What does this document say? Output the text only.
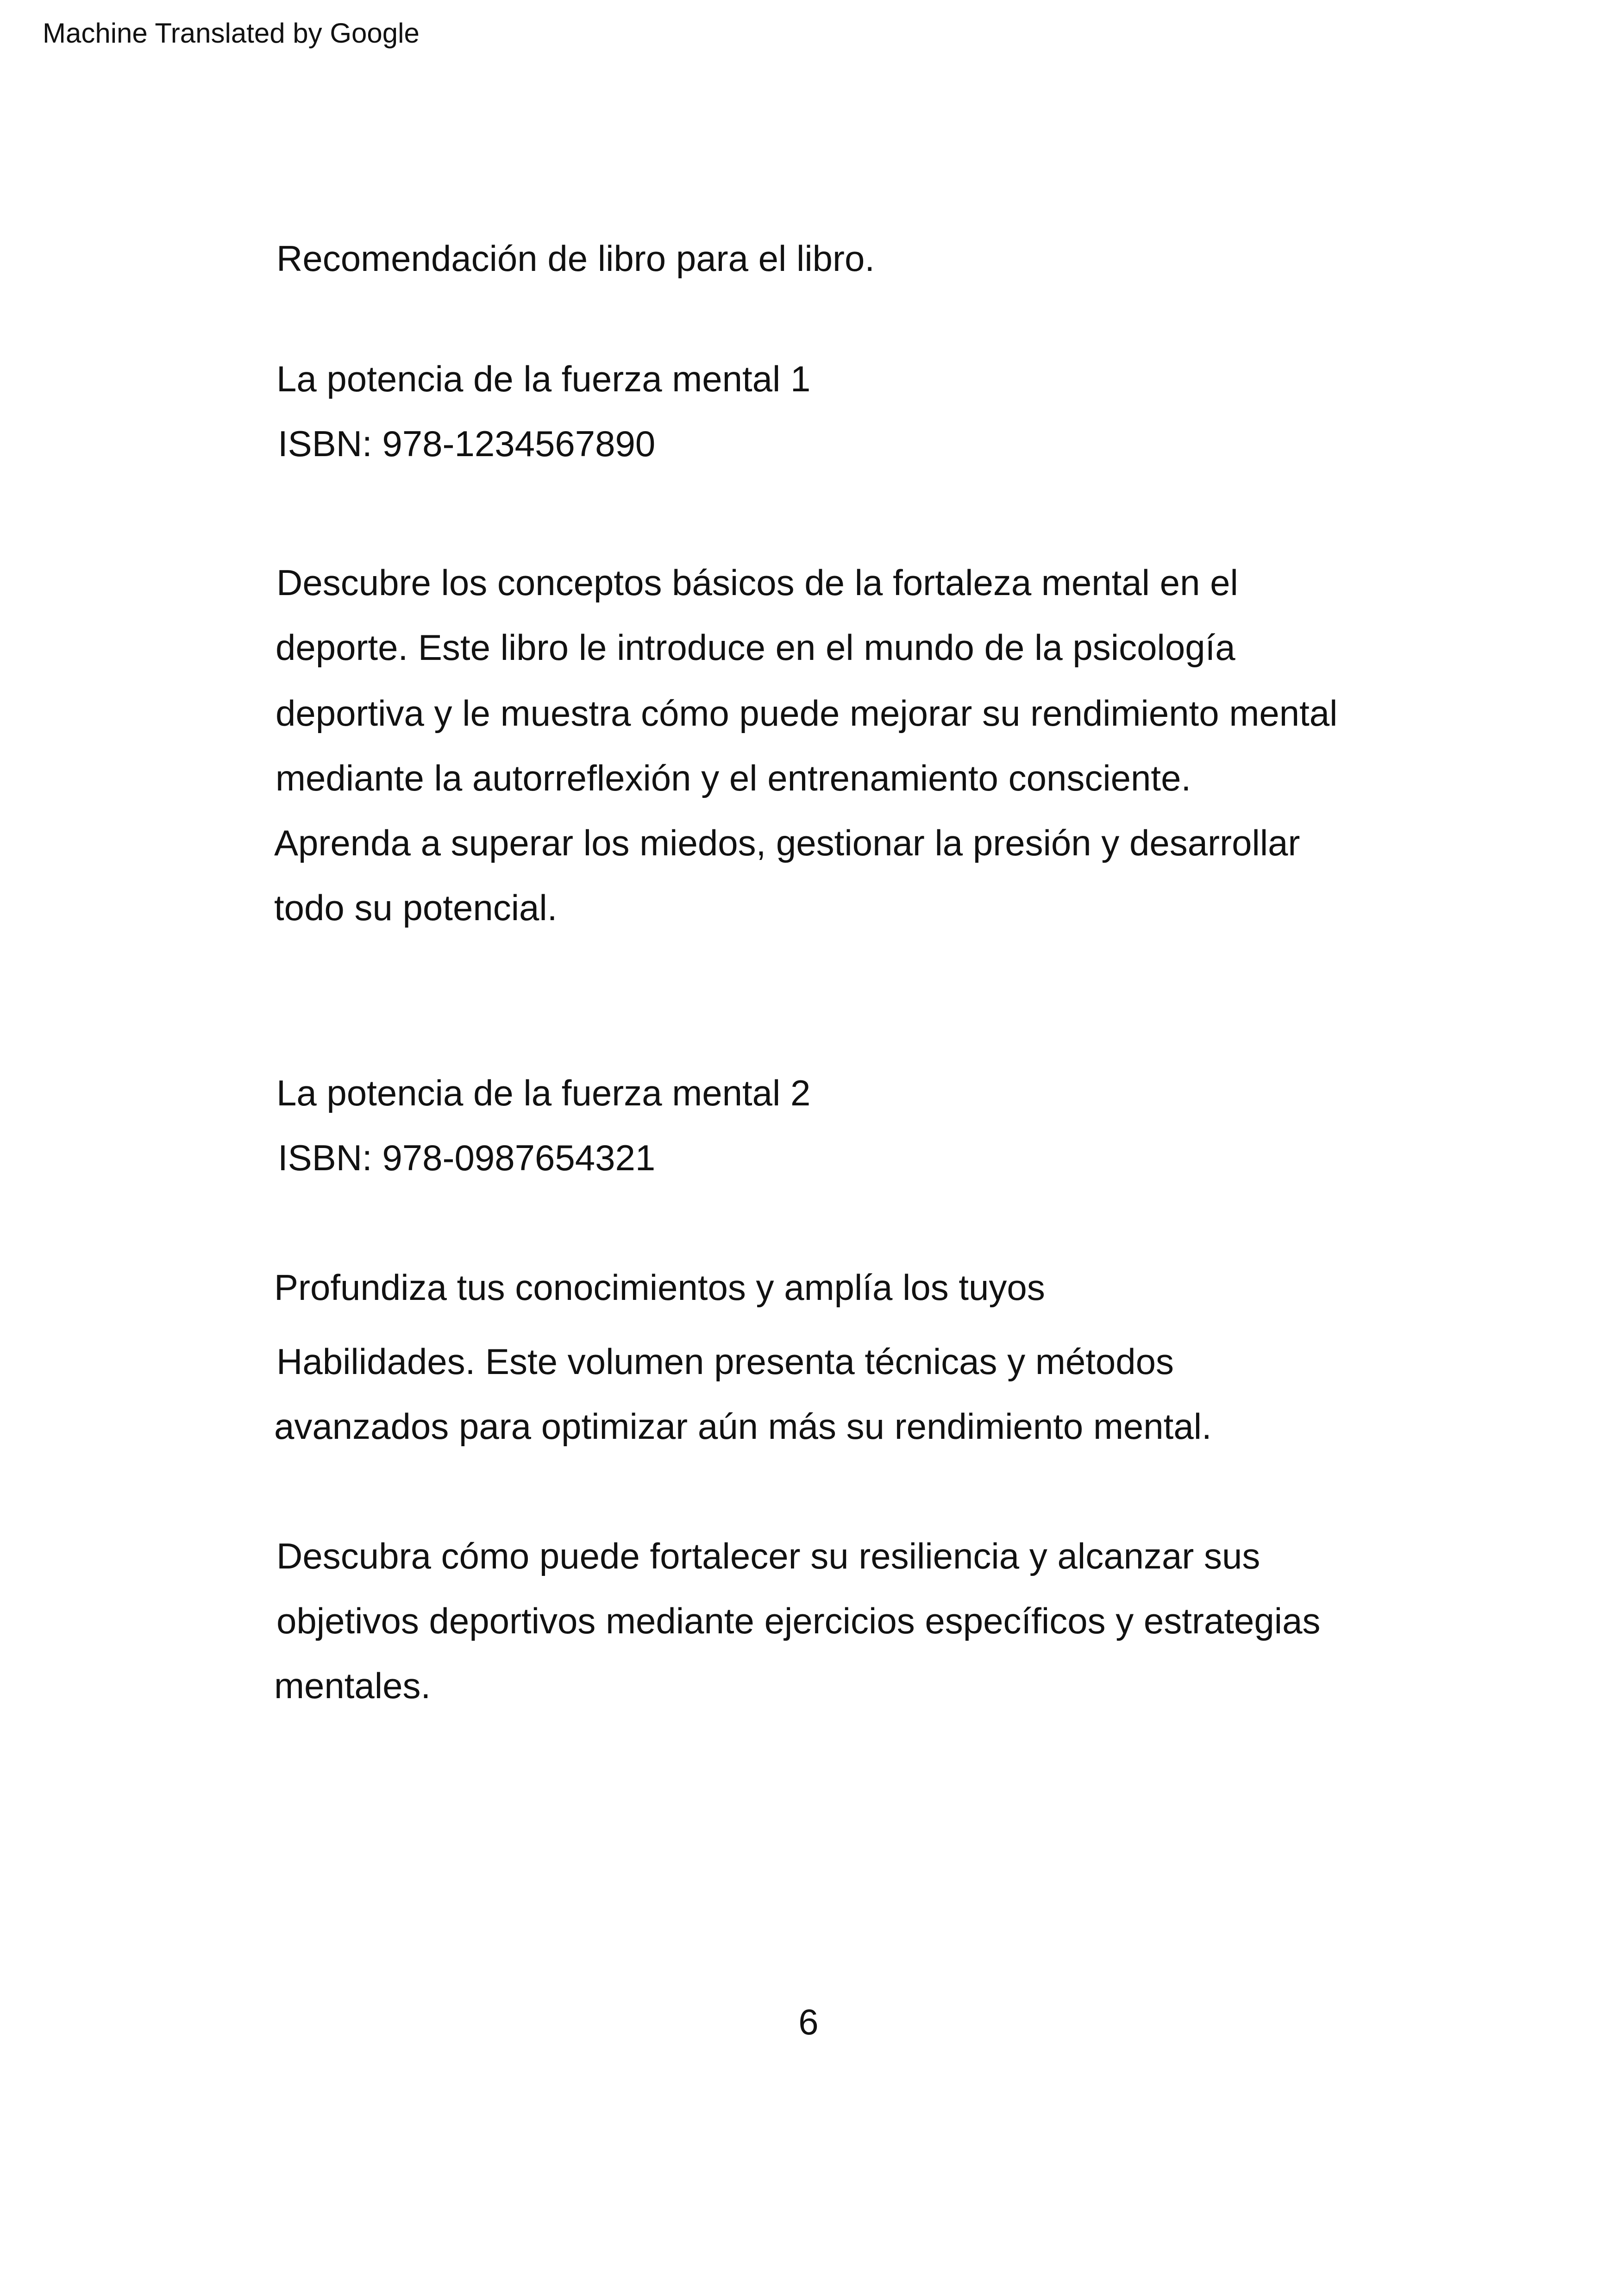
Machine Translated by Google
Recomendación de libro para el libro.
La potencia de la fuerza mental 1
ISBN: 978-1234567890
Descubre los conceptos básicos de la fortaleza mental en el
deporte. Este libro le introduce en el mundo de la psicología
deportiva y le muestra cómo puede mejorar su rendimiento mental
mediante la autorreflexión y el entrenamiento consciente.
Aprenda a superar los miedos, gestionar la presión y desarrollar
todo su potencial.
La potencia de la fuerza mental 2
ISBN: 978-0987654321
Profundiza tus conocimientos y amplía los tuyos
Habilidades. Este volumen presenta técnicas y métodos
avanzados para optimizar aún más su rendimiento mental.
Descubra cómo puede fortalecer su resiliencia y alcanzar sus
objetivos deportivos mediante ejercicios específicos y estrategias
mentales.
6
